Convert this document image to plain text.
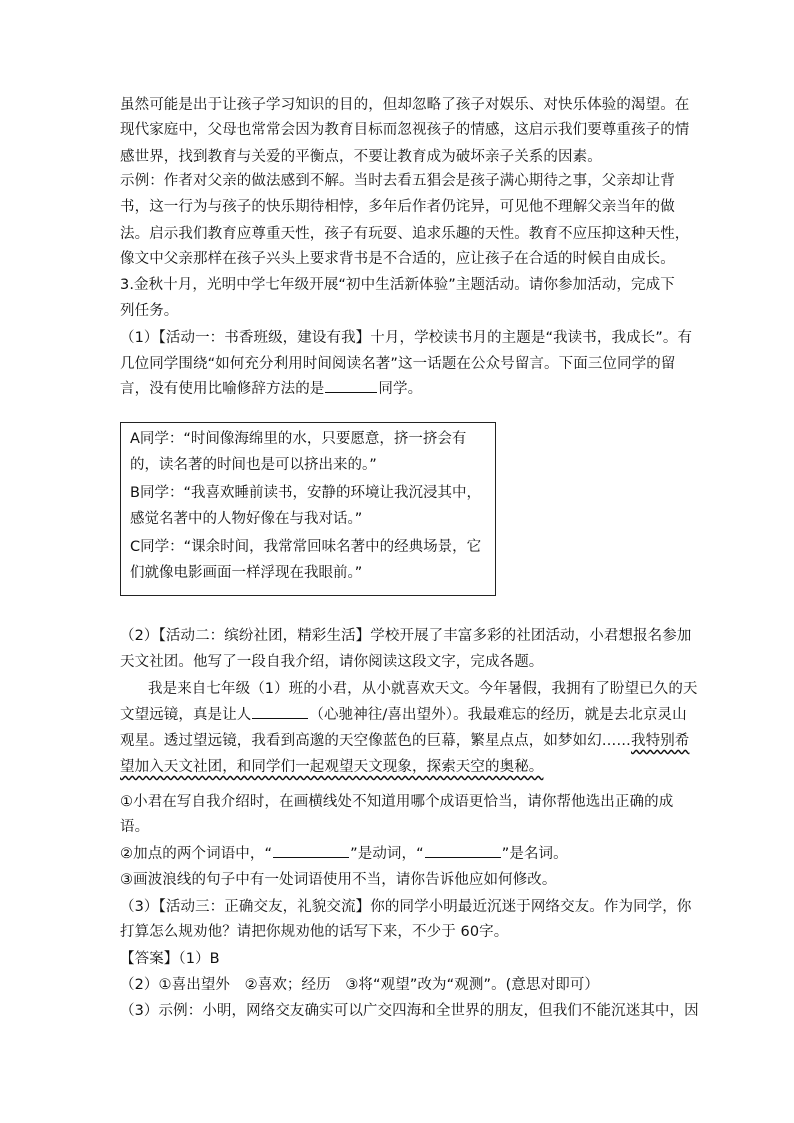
虽然可能是出于让孩子学习知识的目的，但却忽略了孩子对娱乐、对快乐体验的渴望。在
现代家庭中，父母也常常会因为教育目标而忽视孩子的情感，这启示我们要尊重孩子的情
感世界，找到教育与关爱的平衡点，不要让教育成为破坏亲子关系的因素。
示例：作者对父亲的做法感到不解。当时去看五猖会是孩子满心期待之事，父亲却让背
书，这一行为与孩子的快乐期待相悖，多年后作者仍诧异，可见他不理解父亲当年的做
法。启示我们教育应尊重天性，孩子有玩耍、追求乐趣的天性。教育不应压抑这种天性，
像文中父亲那样在孩子兴头上要求背书是不合适的，应让孩子在合适的时候自由成长。
3.金秋十月，光明中学七年级开展“初中生活新体验”主题活动。请你参加活动，完成下
列任务。
（1）【活动一：书香班级，建设有我】十月，学校读书月的主题是“我读书，我成长”。有
几位同学围绕“如何充分利用时间阅读名著”这一话题在公众号留言。下面三位同学的留
言，没有使用比喻修辞方法的是	同学。
A同学：“时间像海绵里的水，只要愿意，挤一挤会有
的，读名著的时间也是可以挤出来的。”
B同学：“我喜欢睡前读书，安静的环境让我沉浸其中，
感觉名著中的人物好像在与我对话。”
C同学：“课余时间，我常常回味名著中的经典场景，它
们就像电影画面一样浮现在我眼前。”
（2）【活动二：缤纷社团，精彩生活】学校开展了丰富多彩的社团活动，小君想报名参加
天文社团。他写了一段自我介绍，请你阅读这段文字，完成各题。
我是来自七年级（1）班的小君，从小就喜欢天文。今年暑假，我拥有了盼望已久的天
文望远镜，真是让人	（心驰神往/喜出望外）。我最难忘的经历，就是去北京灵山
观星。透过望远镜，我看到高邈的天空像蓝色的巨幕，繁星点点，如梦如幻……我特别希
望加入天文社团，和同学们一起观望天文现象，探索天空的奥秘。
①小君在写自我介绍时，在画横线处不知道用哪个成语更恰当，请你帮他选出正确的成
语。
②加点的两个词语中，“	”是动词，“	”是名词。
③画波浪线的句子中有一处词语使用不当，请你告诉他应如何修改。
（3）【活动三：正确交友，礼貌交流】你的同学小明最近沉迷于网络交友。作为同学，你
打算怎么规劝他？请把你规劝他的话写下来，不少于 60字。
【答案】（1）B
（2）①喜出望外　②喜欢；经历　③将“观望”改为“观测”。(意思对即可）
（3）示例：小明，网络交友确实可以广交四海和全世界的朋友，但我们不能沉迷其中，因
